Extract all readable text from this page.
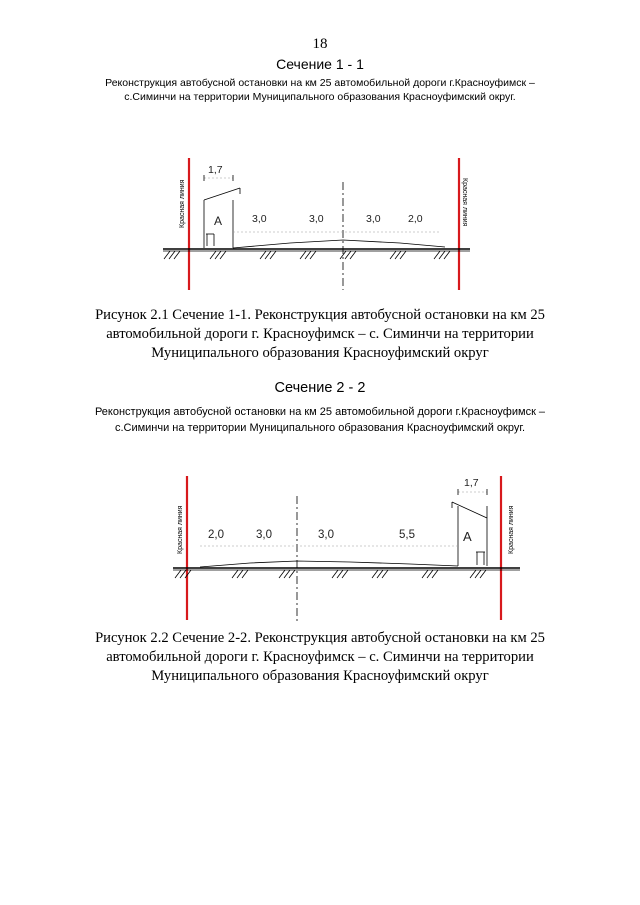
18
Сечение 1 - 1
Реконструкция автобусной остановки на км 25 автомобильной дороги г.Красноуфимск – с.Симинчи на территории Муниципального образования Красноуфимский округ.
Красная линия	Красная линия
А
1,7
3,0	3,0	3,0	2,0
Рисунок 2.1 Сечение 1-1. Реконструкция автобусной остановки на км 25 автомобильной дороги г. Красноуфимск – с. Симинчи на территории Муниципального образования Красноуфимский округ
Сечение 2 - 2
Реконструкция автобусной остановки на км 25 автомобильной дороги г.Красноуфимск – с.Симинчи на территории Муниципального образования Красноуфимский округ.
Красная линия	Красная линия
А
1,7
2,0	3,0	3,0	5,5
Рисунок 2.2 Сечение 2-2. Реконструкция автобусной остановки на км 25 автомобильной дороги г. Красноуфимск – с. Симинчи на территории Муниципального образования Красноуфимский округ
